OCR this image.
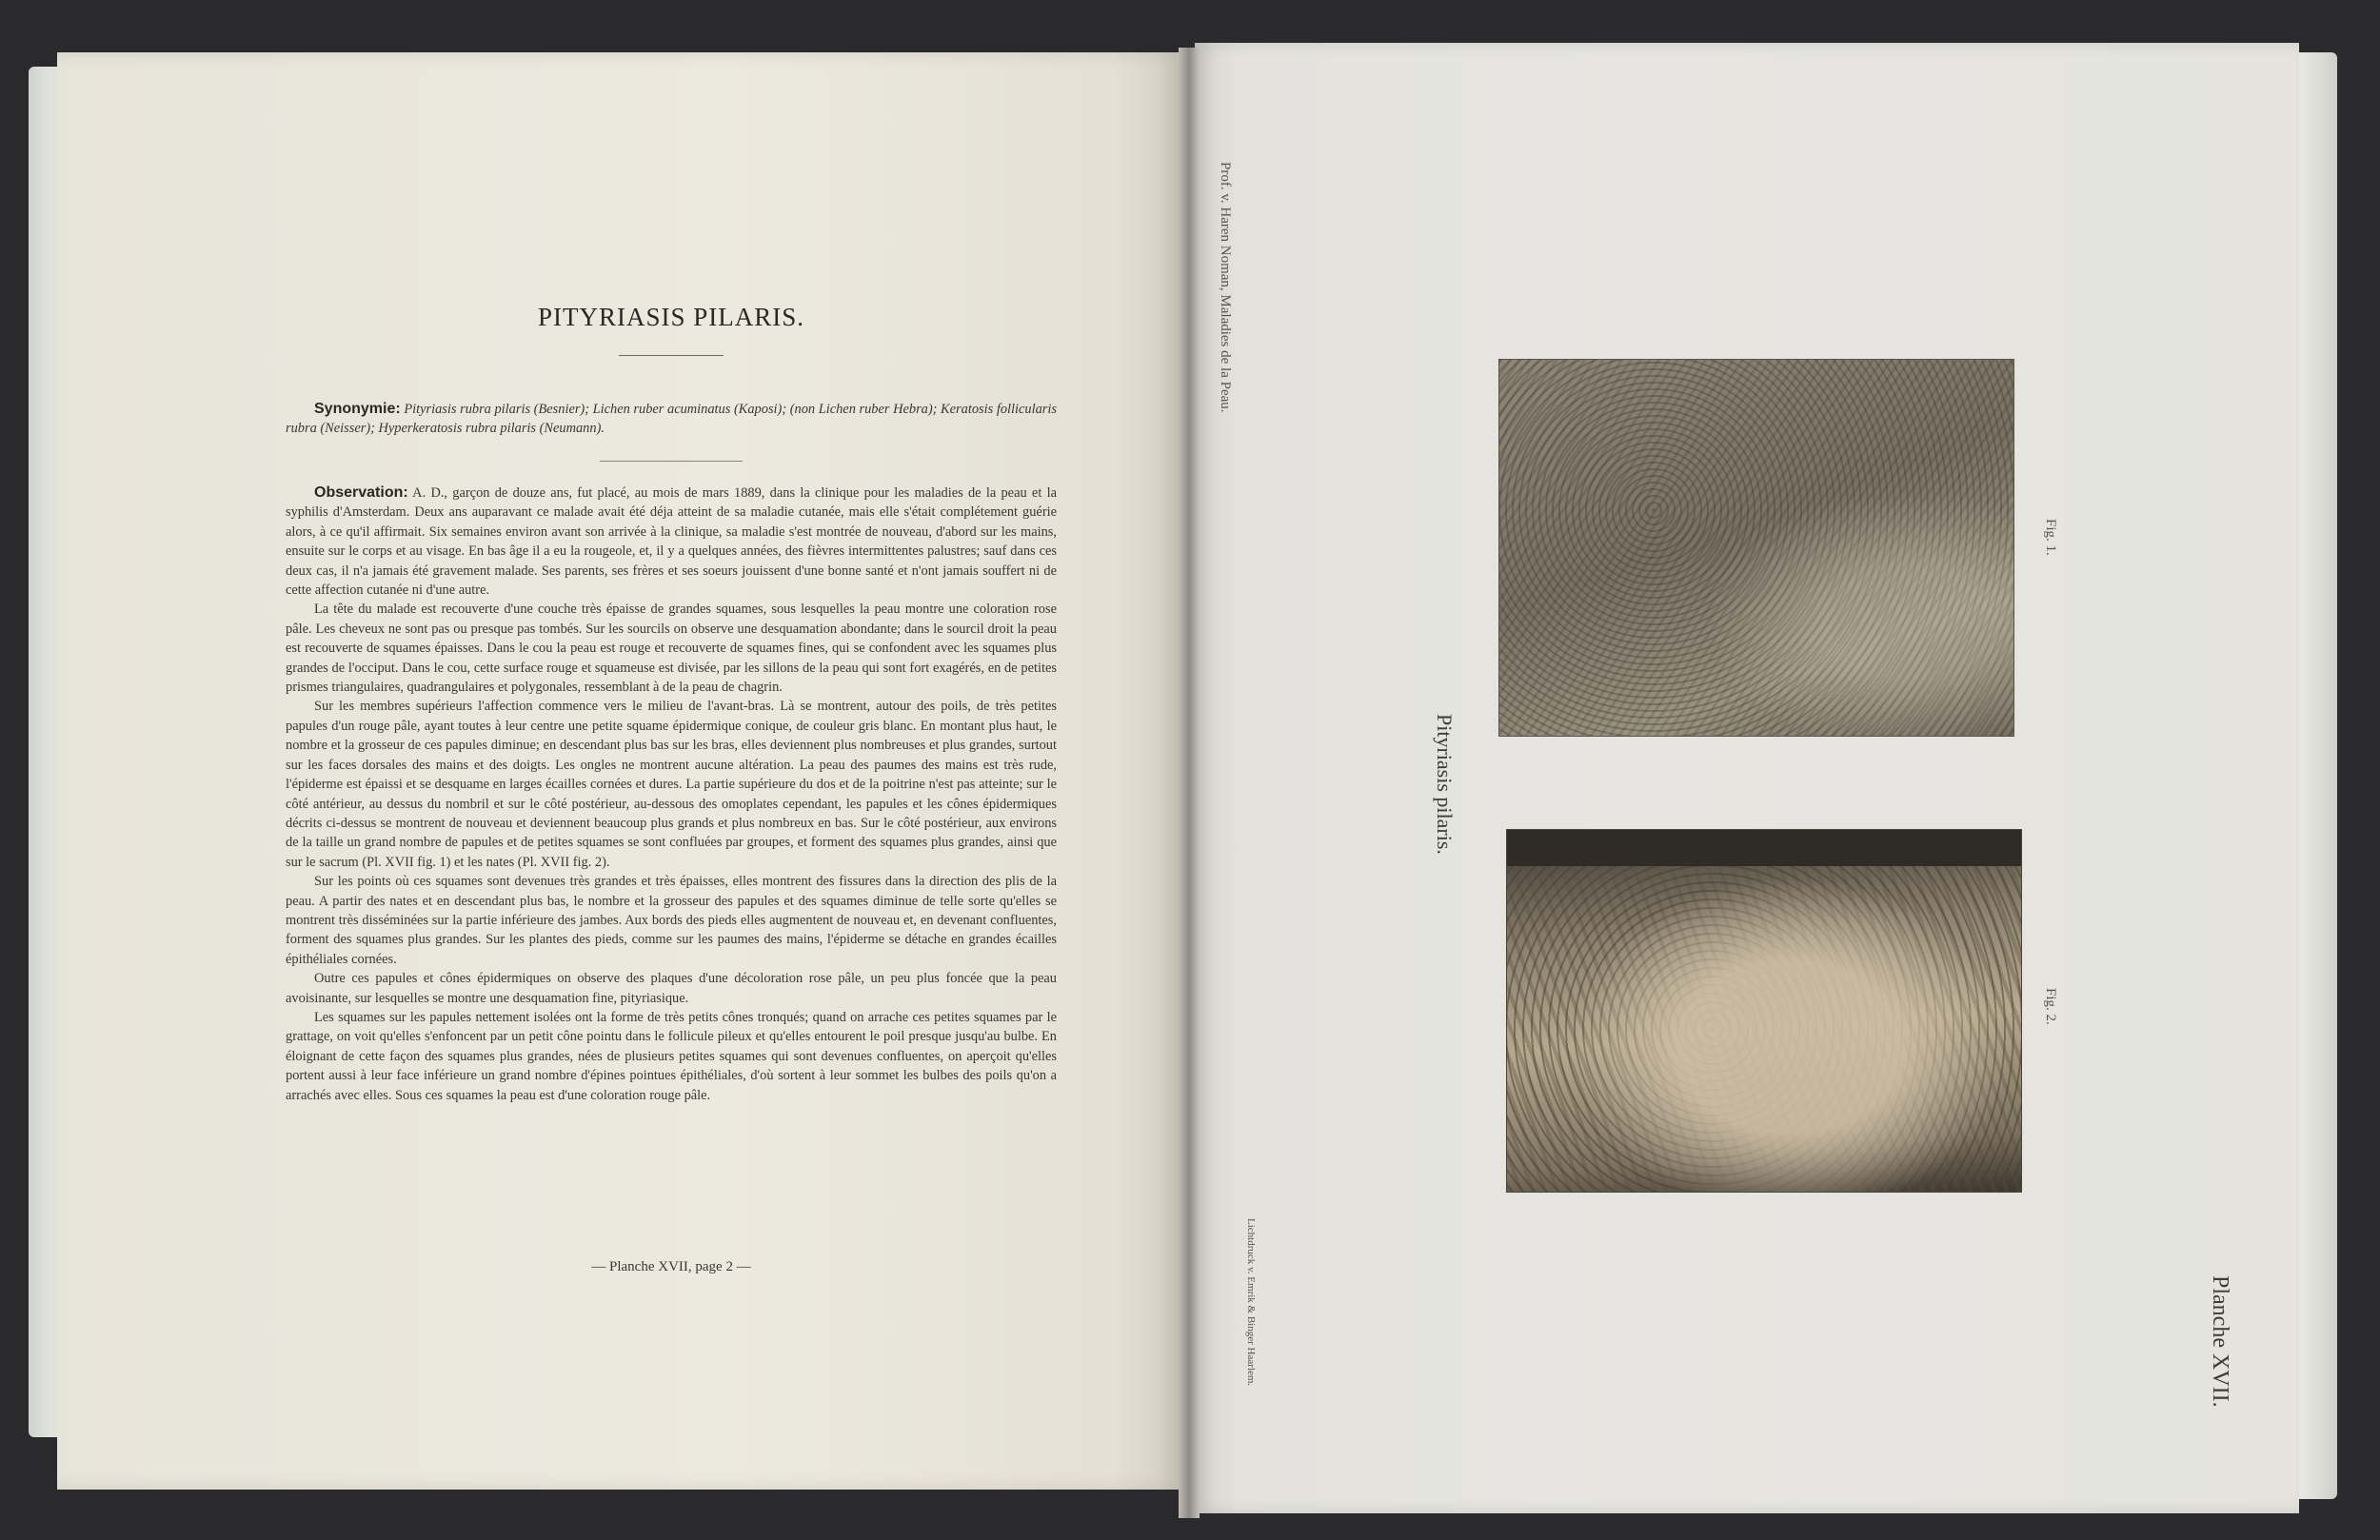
PITYRIASIS PILARIS.

Synonymie: Pityriasis rubra pilaris (Besnier); Lichen ruber acuminatus (Kaposi); (non Lichen ruber Hebra); Keratosis follicularis rubra (Neisser); Hyperkeratosis rubra pilaris (Neumann).

Observation: A. D., garçon de douze ans, fut placé, au mois de mars 1889, dans la clinique pour les maladies de la peau et la syphilis d'Amsterdam. Deux ans auparavant ce malade avait été déja atteint de sa maladie cutanée, mais elle s'était complétement guérie alors, à ce qu'il affirmait. Six semaines environ avant son arrivée à la clinique, sa maladie s'est montrée de nouveau, d'abord sur les mains, ensuite sur le corps et au visage. En bas âge il a eu la rougeole, et, il y a quelques années, des fièvres intermittentes palustres; sauf dans ces deux cas, il n'a jamais été gravement malade. Ses parents, ses frères et ses soeurs jouissent d'une bonne santé et n'ont jamais souffert ni de cette affection cutanée ni d'une autre.

La tête du malade est recouverte d'une couche très épaisse de grandes squames, sous lesquelles la peau montre une coloration rose pâle. Les cheveux ne sont pas ou presque pas tombés. Sur les sourcils on observe une desquamation abondante; dans le sourcil droit la peau est recouverte de squames épaisses. Dans le cou la peau est rouge et recouverte de squames fines, qui se confondent avec les squames plus grandes de l'occiput. Dans le cou, cette surface rouge et squameuse est divisée, par les sillons de la peau qui sont fort exagérés, en de petites prismes triangulaires, quadrangulaires et polygonales, ressemblant à de la peau de chagrin.

Sur les membres supérieurs l'affection commence vers le milieu de l'avant-bras. Là se montrent, autour des poils, de très petites papules d'un rouge pâle, ayant toutes à leur centre une petite squame épidermique conique, de couleur gris blanc. En montant plus haut, le nombre et la grosseur de ces papules diminue; en descendant plus bas sur les bras, elles deviennent plus nombreuses et plus grandes, surtout sur les faces dorsales des mains et des doigts. Les ongles ne montrent aucune altération. La peau des paumes des mains est très rude, l'épiderme est épaissi et se desquame en larges écailles cornées et dures. La partie supérieure du dos et de la poitrine n'est pas atteinte; sur le côté antérieur, au dessus du nombril et sur le côté postérieur, au-dessous des omoplates cependant, les papules et les cônes épidermiques décrits ci-dessus se montrent de nouveau et deviennent beaucoup plus grands et plus nombreux en bas. Sur le côté postérieur, aux environs de la taille un grand nombre de papules et de petites squames se sont confluées par groupes, et forment des squames plus grandes, ainsi que sur le sacrum (Pl. XVII fig. 1) et les nates (Pl. XVII fig. 2).

Sur les points où ces squames sont devenues très grandes et très épaisses, elles montrent des fissures dans la direction des plis de la peau. A partir des nates et en descendant plus bas, le nombre et la grosseur des papules et des squames diminue de telle sorte qu'elles se montrent très disséminées sur la partie inférieure des jambes. Aux bords des pieds elles augmentent de nouveau et, en devenant confluentes, forment des squames plus grandes. Sur les plantes des pieds, comme sur les paumes des mains, l'épiderme se détache en grandes écailles épithéliales cornées.

Outre ces papules et cônes épidermiques on observe des plaques d'une décoloration rose pâle, un peu plus foncée que la peau avoisinante, sur lesquelles se montre une desquamation fine, pityriasique.

Les squames sur les papules nettement isolées ont la forme de très petits cônes tronqués; quand on arrache ces petites squames par le grattage, on voit qu'elles s'enfoncent par un petit cône pointu dans le follicule pileux et qu'elles entourent le poil presque jusqu'au bulbe. En éloignant de cette façon des squames plus grandes, nées de plusieurs petites squames qui sont devenues confluentes, on aperçoit qu'elles portent aussi à leur face inférieure un grand nombre d'épines pointues épithéliales, d'où sortent à leur sommet les bulbes des poils qu'on a arrachés avec elles. Sous ces squames la peau est d'une coloration rouge pâle.

— Planche XVII, page 2 —
Prof. v. Haren Noman, Maladies de la Peau.
Lichtdruck v. Emrik & Binger Haarlem.
Pityriasis pilaris.
Fig. 1.
Fig. 2.
Planche XVII.
